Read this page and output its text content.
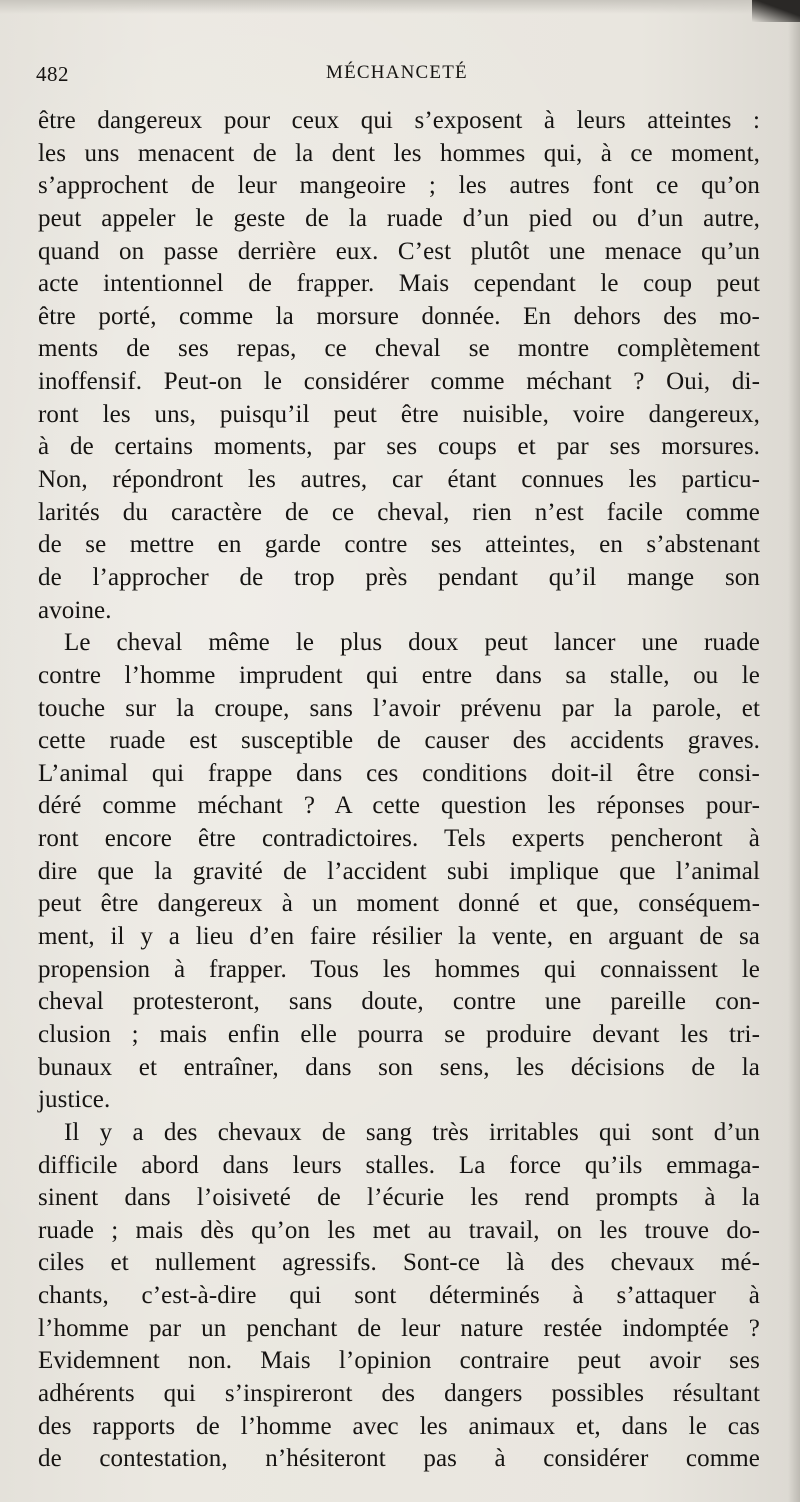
482	MÉCHANCETÉ
être dangereux pour ceux qui s’exposent à leurs atteintes :
les uns menacent de la dent les hommes qui, à ce moment,
s’approchent de leur mangeoire ; les autres font ce qu’on
peut appeler le geste de la ruade d’un pied ou d’un autre,
quand on passe derrière eux. C’est plutôt une menace qu’un
acte intentionnel de frapper. Mais cependant le coup peut
être porté, comme la morsure donnée. En dehors des mo-
ments de ses repas, ce cheval se montre complètement
inoffensif. Peut-on le considérer comme méchant ? Oui, di-
ront les uns, puisqu’il peut être nuisible, voire dangereux,
à de certains moments, par ses coups et par ses morsures.
Non, répondront les autres, car étant connues les particu-
larités du caractère de ce cheval, rien n’est facile comme
de se mettre en garde contre ses atteintes, en s’abstenant
de l’approcher de trop près pendant qu’il mange son
avoine.
Le cheval même le plus doux peut lancer une ruade
contre l’homme imprudent qui entre dans sa stalle, ou le
touche sur la croupe, sans l’avoir prévenu par la parole, et
cette ruade est susceptible de causer des accidents graves.
L’animal qui frappe dans ces conditions doit-il être consi-
déré comme méchant ? A cette question les réponses pour-
ront encore être contradictoires. Tels experts pencheront à
dire que la gravité de l’accident subi implique que l’animal
peut être dangereux à un moment donné et que, conséquem-
ment, il y a lieu d’en faire résilier la vente, en arguant de sa
propension à frapper. Tous les hommes qui connaissent le
cheval protesteront, sans doute, contre une pareille con-
clusion ; mais enfin elle pourra se produire devant les tri-
bunaux et entraîner, dans son sens, les décisions de la
justice.
Il y a des chevaux de sang très irritables qui sont d’un
difficile abord dans leurs stalles. La force qu’ils emmaga-
sinent dans l’oisiveté de l’écurie les rend prompts à la
ruade ; mais dès qu’on les met au travail, on les trouve do-
ciles et nullement agressifs. Sont-ce là des chevaux mé-
chants, c’est-à-dire qui sont déterminés à s’attaquer à
l’homme par un penchant de leur nature restée indomptée ?
Evidemnent non. Mais l’opinion contraire peut avoir ses
adhérents qui s’inspireront des dangers possibles résultant
des rapports de l’homme avec les animaux et, dans le cas
de contestation, n’hésiteront pas à considérer comme
